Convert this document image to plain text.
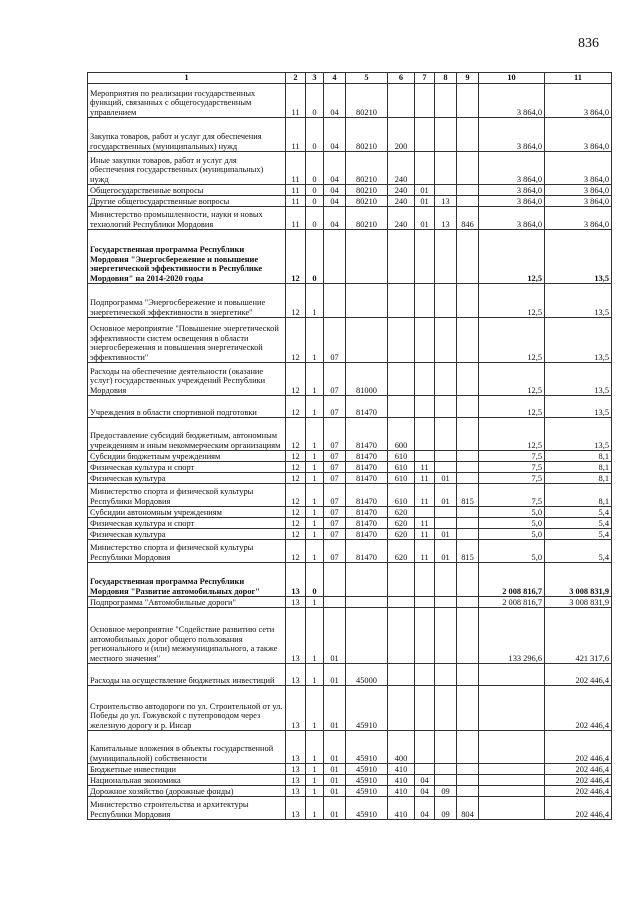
836
1	2	3	4	5	6	7	8	9	10	11
Мероприятия по реализации государственных функций, связанных с общегосударственным управлением	11	0	04	80210					3 864,0	3 864,0
Закупка товаров, работ и услуг для обеспечения государственных (муниципальных) нужд	11	0	04	80210	200				3 864,0	3 864,0
Иные закупки товаров, работ и услуг для обеспечения государственных (муниципальных) нужд	11	0	04	80210	240				3 864,0	3 864,0
Общегосударственные вопросы	11	0	04	80210	240	01			3 864,0	3 864,0
Другие общегосударственные вопросы	11	0	04	80210	240	01	13		3 864,0	3 864,0
Министерство промышленности, науки и новых технологий Республики Мордовия	11	0	04	80210	240	01	13	846	3 864,0	3 864,0
Государственная программа Республики Мордовия "Энергосбережение и повышение энергетической эффективности в Республике Мордовия" на 2014-2020 годы	12	0							12,5	13,5
Подпрограмма "Энергосбережение и повышение энергетической эффективности в энергетике"	12	1							12,5	13,5
Основное мероприятие "Повышение энергетической эффективности систем освещения в области энергосбережения и повышения энергетической эффективности"	12	1	07						12,5	13,5
Расходы на обеспечение деятельности (оказание услуг) государственных учреждений Республики Мордовия	12	1	07	81000					12,5	13,5
Учреждения в области спортивной подготовки	12	1	07	81470					12,5	13,5
Предоставление субсидий бюджетным, автономным учреждениям и иным некоммерческим организациям	12	1	07	81470	600				12,5	13,5
Субсидии бюджетным учреждениям	12	1	07	81470	610				7,5	8,1
Физическая культура и спорт	12	1	07	81470	610	11			7,5	8,1
Физическая культура	12	1	07	81470	610	11	01		7,5	8,1
Министерство спорта и физической культуры Республики Мордовия	12	1	07	81470	610	11	01	815	7,5	8,1
Субсидии автономным учреждениям	12	1	07	81470	620				5,0	5,4
Физическая культура и спорт	12	1	07	81470	620	11			5,0	5,4
Физическая культура	12	1	07	81470	620	11	01		5,0	5,4
Министерство спорта и физической культуры Республики Мордовия	12	1	07	81470	620	11	01	815	5,0	5,4
Государственная программа Республики Мордовия "Развитие автомобильных дорог"	13	0							2 008 816,7	3 008 831,9
Подпрограмма "Автомобильные дороги"	13	1							2 008 816,7	3 008 831,9
Основное мероприятие "Содействие развитию сети автомобильных дорог общего пользования регионального и (или) межмуниципального, а также местного значения"	13	1	01						133 296,6	421 317,6
Расходы на осуществление бюджетных инвестиций	13	1	01	45000						202 446,4
Строительство автодороги по ул. Строительной от ул. Победы до ул. Гожувской с путепроводом через железную дорогу и р. Инсар	13	1	01	45910						202 446,4
Капитальные вложения в объекты государственной (муниципальной) собственности	13	1	01	45910	400					202 446,4
Бюджетные инвестиции	13	1	01	45910	410					202 446,4
Национальная экономика	13	1	01	45910	410	04				202 446,4
Дорожное хозяйство (дорожные фонды)	13	1	01	45910	410	04	09			202 446,4
Министерство строительства и архитектуры Республики Мордовия	13	1	01	45910	410	04	09	804		202 446,4
